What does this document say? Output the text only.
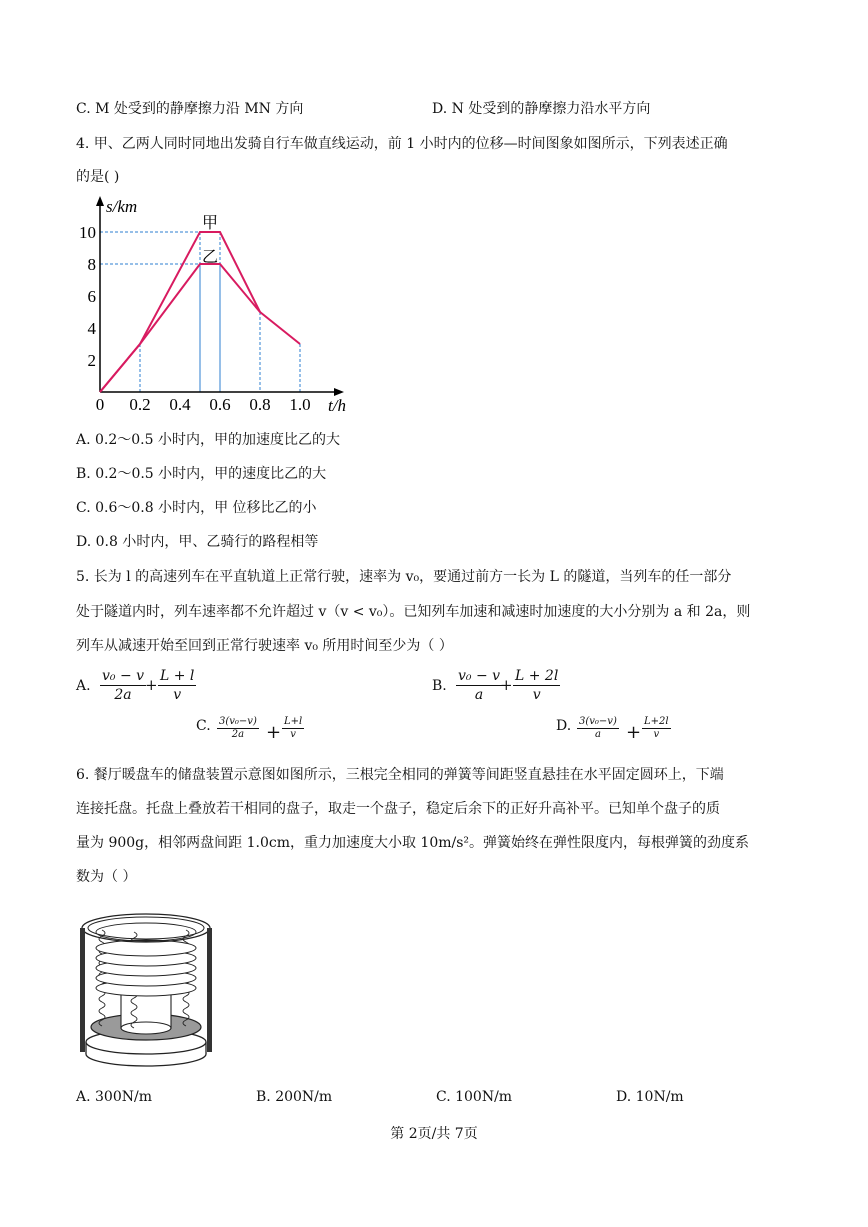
C. M 处受到的静摩擦力沿 MN 方向	D. N 处受到的静摩擦力沿水平方向
4. 甲、乙两人同时同地出发骑自行车做直线运动，前 1 小时内的位移—时间图象如图所示，下列表述正确
的是( )
0 0.2 0.4 0.6 0.8 1.0
2
4
6
8
10
t/h
s/km
甲
乙
A. 0.2～0.5 小时内，甲的加速度比乙的大
B. 0.2～0.5 小时内，甲的速度比乙的大
C. 0.6～0.8 小时内，甲 位移比乙的小
D. 0.8 小时内，甲、乙骑行的路程相等
5. 长为 l 的高速列车在平直轨道上正常行驶，速率为 v₀，要通过前方一长为 L 的隧道，当列车的任一部分
处于隧道内时，列车速率都不允许超过 v（v < v₀）。已知列车加速和减速时加速度的大小分别为 a 和 2a，则
列车从减速开始至回到正常行驶速率 v₀ 所用时间至少为（ ）
A. $\frac{\text{v₀ − v}}{2a}$
+ $\frac{L + l}{v}$	B. $\frac{\text{v₀ − v}}{a}$
+ $\frac{L + 2l}{v}$
C. $\frac{\text{3(v₀−v)}}{2a} + \frac{L+l}{v}$	D. $\frac{\text{3(v₀−v)}}{a} + \frac{L+2l}{v}$
6. 餐厅暖盘车的储盘装置示意图如图所示，三根完全相同的弹簧等间距竖直悬挂在水平固定圆环上，下端
连接托盘。托盘上叠放若干相同的盘子，取走一个盘子，稳定后余下的正好升高补平。已知单个盘子的质
量为 900g，相邻两盘间距 1.0cm，重力加速度大小取 10m/s²。弹簧始终在弹性限度内，每根弹簧的劲度系
数为（ ）
A. 300N/m	B. 200N/m	C. 100N/m	D. 10N/m
第 2页/共 7页
